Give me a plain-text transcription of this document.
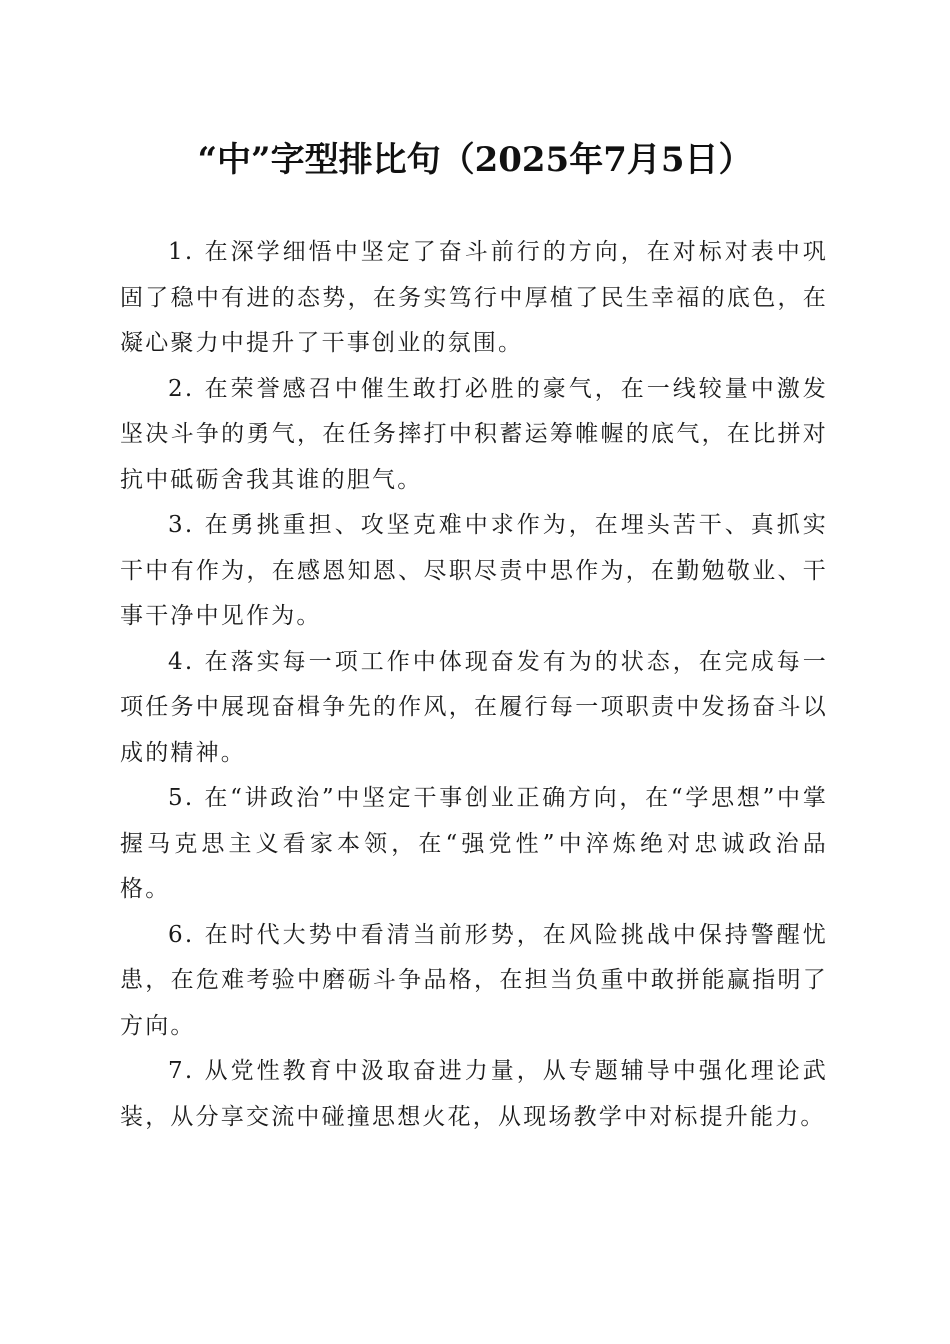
“中”字型排比句（2025年7月5日）

1. 在深学细悟中坚定了奋斗前行的方向，在对标对表中巩固了稳中有进的态势，在务实笃行中厚植了民生幸福的底色，在凝心聚力中提升了干事创业的氛围。

2. 在荣誉感召中催生敢打必胜的豪气，在一线较量中激发坚决斗争的勇气，在任务摔打中积蓄运筹帷幄的底气，在比拼对抗中砥砺舍我其谁的胆气。

3. 在勇挑重担、攻坚克难中求作为，在埋头苦干、真抓实干中有作为，在感恩知恩、尽职尽责中思作为，在勤勉敬业、干事干净中见作为。

4. 在落实每一项工作中体现奋发有为的状态，在完成每一项任务中展现奋楫争先的作风，在履行每一项职责中发扬奋斗以成的精神。

5. 在“讲政治”中坚定干事创业正确方向，在“学思想”中掌握马克思主义看家本领，在“强党性”中淬炼绝对忠诚政治品格。

6. 在时代大势中看清当前形势，在风险挑战中保持警醒忧患，在危难考验中磨砺斗争品格，在担当负重中敢拼能赢指明了方向。

7. 从党性教育中汲取奋进力量，从专题辅导中强化理论武装，从分享交流中碰撞思想火花，从现场教学中对标提升能力。
